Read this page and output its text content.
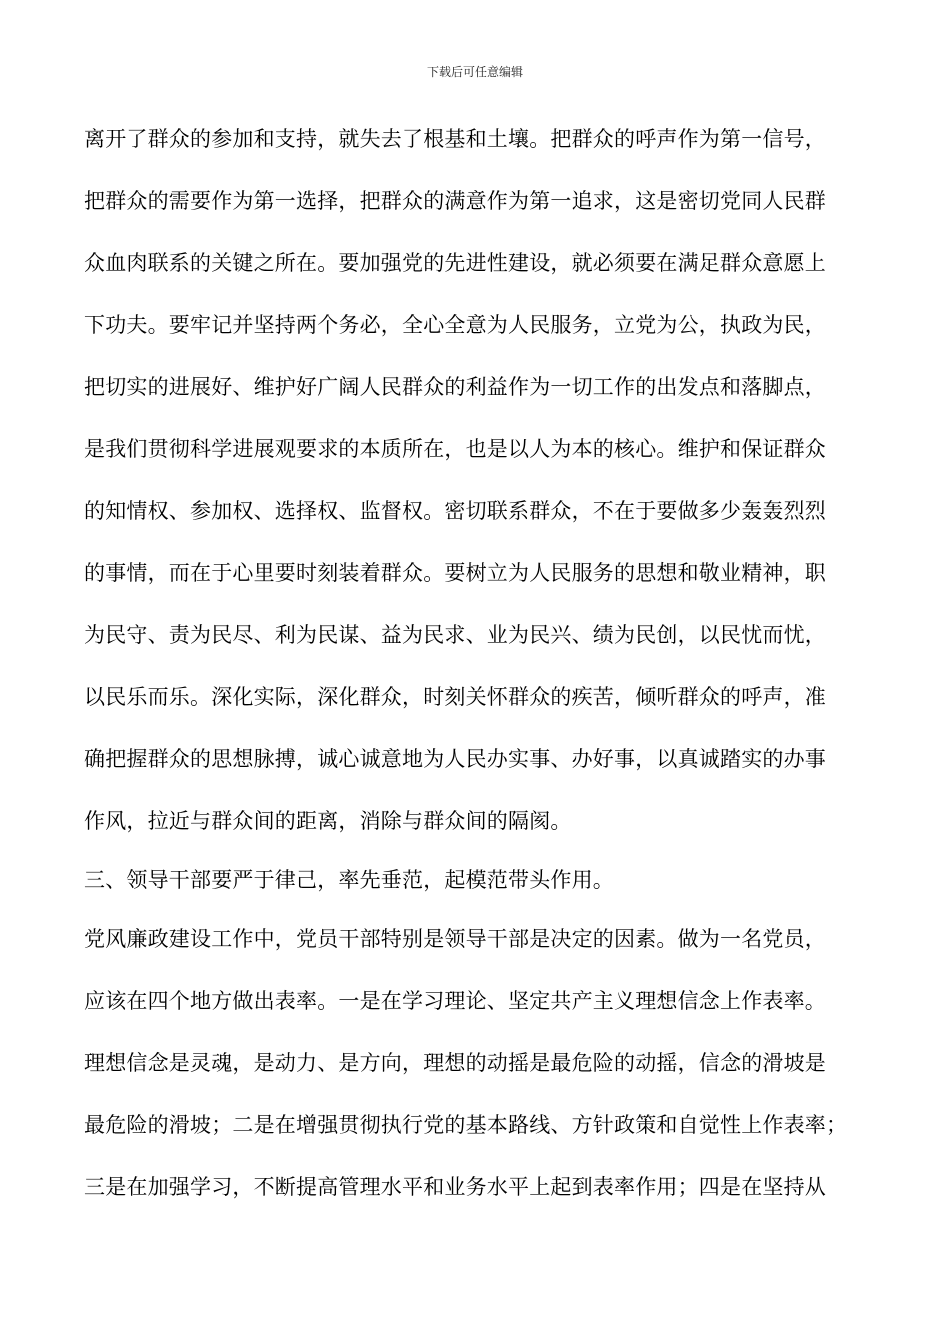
下载后可任意编辑
离开了群众的参加和支持，就失去了根基和土壤。把群众的呼声作为第一信号，
把群众的需要作为第一选择，把群众的满意作为第一追求，这是密切党同人民群
众血肉联系的关键之所在。要加强党的先进性建设，就必须要在满足群众意愿上
下功夫。要牢记并坚持两个务必，全心全意为人民服务，立党为公，执政为民，
把切实的进展好、维护好广阔人民群众的利益作为一切工作的出发点和落脚点，
是我们贯彻科学进展观要求的本质所在，也是以人为本的核心。维护和保证群众
的知情权、参加权、选择权、监督权。密切联系群众，不在于要做多少轰轰烈烈
的事情，而在于心里要时刻装着群众。要树立为人民服务的思想和敬业精神，职
为民守、责为民尽、利为民谋、益为民求、业为民兴、绩为民创，以民忧而忧，
以民乐而乐。深化实际，深化群众，时刻关怀群众的疾苦，倾听群众的呼声，准
确把握群众的思想脉搏，诚心诚意地为人民办实事、办好事，以真诚踏实的办事
作风，拉近与群众间的距离，消除与群众间的隔阂。
三、领导干部要严于律己，率先垂范，起模范带头作用。
党风廉政建设工作中，党员干部特别是领导干部是决定的因素。做为一名党员，
应该在四个地方做出表率。一是在学习理论、坚定共产主义理想信念上作表率。
理想信念是灵魂，是动力、是方向，理想的动摇是最危险的动摇，信念的滑坡是
最危险的滑坡；二是在增强贯彻执行党的基本路线、方针政策和自觉性上作表率；
三是在加强学习，不断提高管理水平和业务水平上起到表率作用；四是在坚持从
